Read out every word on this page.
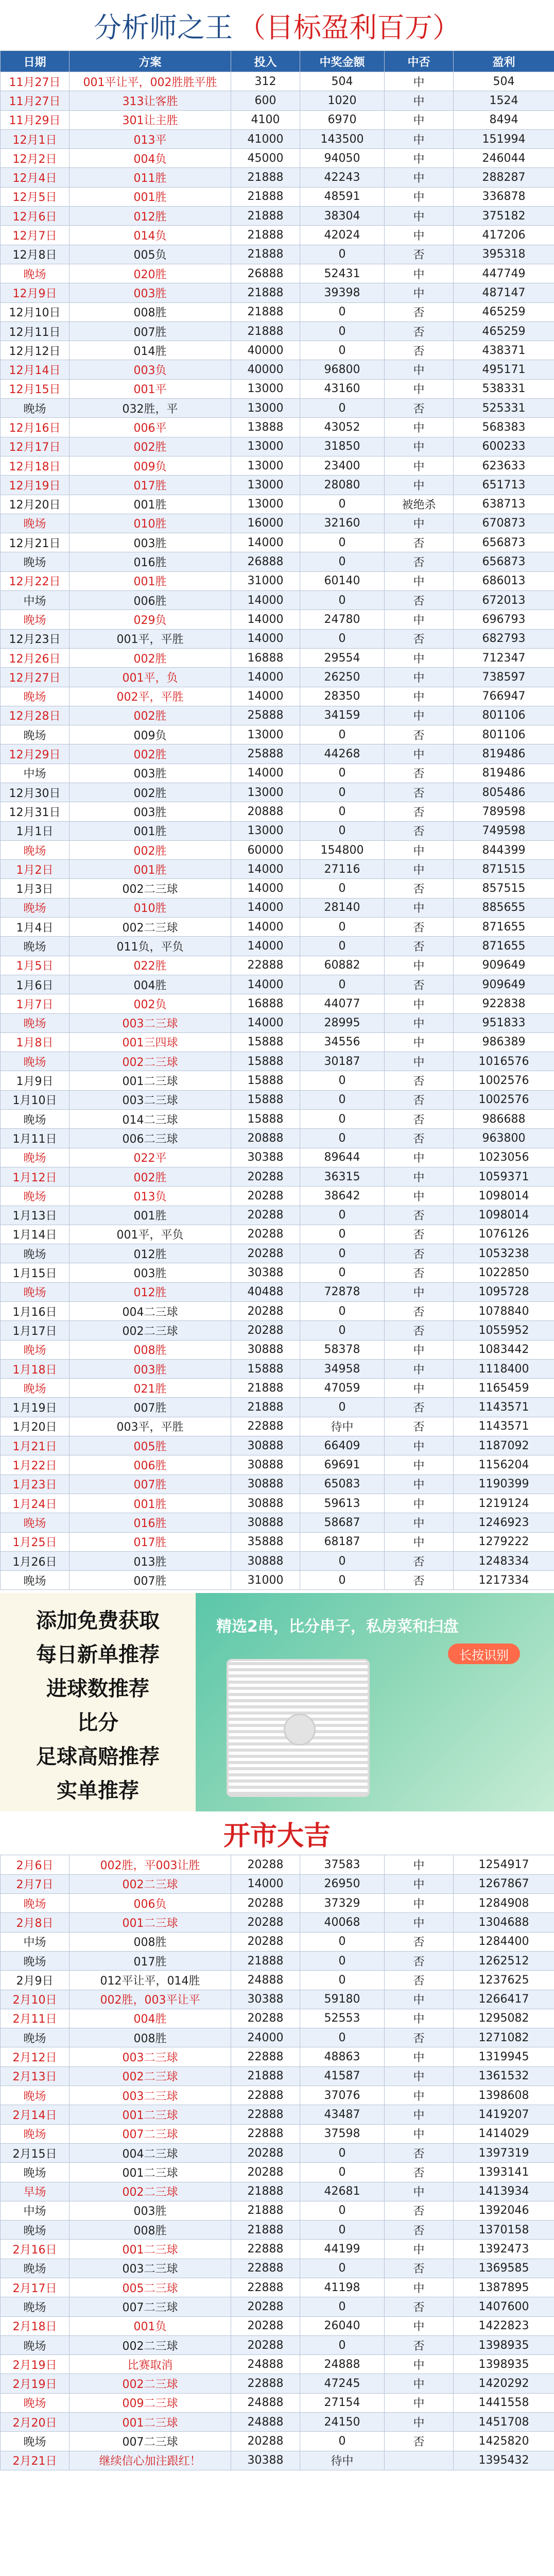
分析师之王 （目标盈利百万）
日期	方案	投入	中奖金额	中否	盈利
11月27日	001平让平，002胜胜平胜	312	504	中	504
11月27日	313让客胜	600	1020	中	1524
11月29日	301让主胜	4100	6970	中	8494
12月1日	013平	41000	143500	中	151994
12月2日	004负	45000	94050	中	246044
12月4日	011胜	21888	42243	中	288287
12月5日	001胜	21888	48591	中	336878
12月6日	012胜	21888	38304	中	375182
12月7日	014负	21888	42024	中	417206
12月8日	005负	21888	0	否	395318
晚场	020胜	26888	52431	中	447749
12月9日	003胜	21888	39398	中	487147
12月10日	008胜	21888	0	否	465259
12月11日	007胜	21888	0	否	465259
12月12日	014胜	40000	0	否	438371
12月14日	003负	40000	96800	中	495171
12月15日	001平	13000	43160	中	538331
晚场	032胜，平	13000	0	否	525331
12月16日	006平	13888	43052	中	568383
12月17日	002胜	13000	31850	中	600233
12月18日	009负	13000	23400	中	623633
12月19日	017胜	13000	28080	中	651713
12月20日	001胜	13000	0	被绝杀	638713
晚场	010胜	16000	32160	中	670873
12月21日	003胜	14000	0	否	656873
晚场	016胜	26888	0	否	656873
12月22日	001胜	31000	60140	中	686013
中场	006胜	14000	0	否	672013
晚场	029负	14000	24780	中	696793
12月23日	001平，平胜	14000	0	否	682793
12月26日	002胜	16888	29554	中	712347
12月27日	001平，负	14000	26250	中	738597
晚场	002平，平胜	14000	28350	中	766947
12月28日	002胜	25888	34159	中	801106
晚场	009负	13000	0	否	801106
12月29日	002胜	25888	44268	中	819486
中场	003胜	14000	0	否	819486
12月30日	002胜	13000	0	否	805486
12月31日	003胜	20888	0	否	789598
1月1日	001胜	13000	0	否	749598
晚场	002胜	60000	154800	中	844399
1月2日	001胜	14000	27116	中	871515
1月3日	002二三球	14000	0	否	857515
晚场	010胜	14000	28140	中	885655
1月4日	002二三球	14000	0	否	871655
晚场	011负，平负	14000	0	否	871655
1月5日	022胜	22888	60882	中	909649
1月6日	004胜	14000	0	否	909649
1月7日	002负	16888	44077	中	922838
晚场	003二三球	14000	28995	中	951833
1月8日	001三四球	15888	34556	中	986389
晚场	002二三球	15888	30187	中	1016576
1月9日	001二三球	15888	0	否	1002576
1月10日	003二三球	15888	0	否	1002576
晚场	014二三球	15888	0	否	986688
1月11日	006二三球	20888	0	否	963800
晚场	022平	30388	89644	中	1023056
1月12日	002胜	20288	36315	中	1059371
晚场	013负	20288	38642	中	1098014
1月13日	001胜	20288	0	否	1098014
1月14日	001平，平负	20288	0	否	1076126
晚场	012胜	20288	0	否	1053238
1月15日	003胜	30388	0	否	1022850
晚场	012胜	40488	72878	中	1095728
1月16日	004二三球	20288	0	否	1078840
1月17日	002二三球	20288	0	否	1055952
晚场	008胜	30888	58378	中	1083442
1月18日	003胜	15888	34958	中	1118400
晚场	021胜	21888	47059	中	1165459
1月19日	007胜	21888	0	否	1143571
1月20日	003平，平胜	22888	待中	否	1143571
1月21日	005胜	30888	66409	中	1187092
1月22日	006胜	30888	69691	中	1156204
1月23日	007胜	30888	65083	中	1190399
1月24日	001胜	30888	59613	中	1219124
晚场	016胜	30888	58687	中	1246923
1月25日	017胜	35888	68187	中	1279222
1月26日	013胜	30888	0	否	1248334
晚场	007胜	31000	0	否	1217334
添加免费获取
每日新单推荐
进球数推荐
比分
足球高赔推荐
实单推荐
精选2串，比分串子，私房菜和扫盘
长按识别
开市大吉
2月6日	002胜，平003让胜	20288	37583	中	1254917
2月7日	002二三球	14000	26950	中	1267867
晚场	006负	20288	37329	中	1284908
2月8日	001二三球	20288	40068	中	1304688
中场	008胜	20288	0	否	1284400
晚场	017胜	21888	0	否	1262512
2月9日	012平让平，014胜	24888	0	否	1237625
2月10日	002胜，003平让平	30388	59180	中	1266417
2月11日	004胜	20288	52553	中	1295082
晚场	008胜	24000	0	否	1271082
2月12日	003二三球	22888	48863	中	1319945
2月13日	002二三球	21888	41587	中	1361532
晚场	003二三球	22888	37076	中	1398608
2月14日	001二三球	22888	43487	中	1419207
晚场	007二三球	22888	37598	中	1414029
2月15日	004二三球	20288	0	否	1397319
晚场	001二三球	20288	0	否	1393141
早场	002二三球	21888	42681	中	1413934
中场	003胜	21888	0	否	1392046
晚场	008胜	21888	0	否	1370158
2月16日	001二三球	22888	44199	中	1392473
晚场	003二三球	22888	0	否	1369585
2月17日	005二三球	22888	41198	中	1387895
晚场	007二三球	20288	0	否	1407600
2月18日	001负	20288	26040	中	1422823
晚场	002二三球	20288	0	否	1398935
2月19日	比赛取消	24888	24888	中	1398935
2月19日	002二三球	22888	47245	中	1420292
晚场	009二三球	24888	27154	中	1441558
2月20日	001二三球	24888	24150	中	1451708
晚场	007二三球	20288	0	否	1425820
2月21日	继续信心加注跟红！	30388	待中		1395432
